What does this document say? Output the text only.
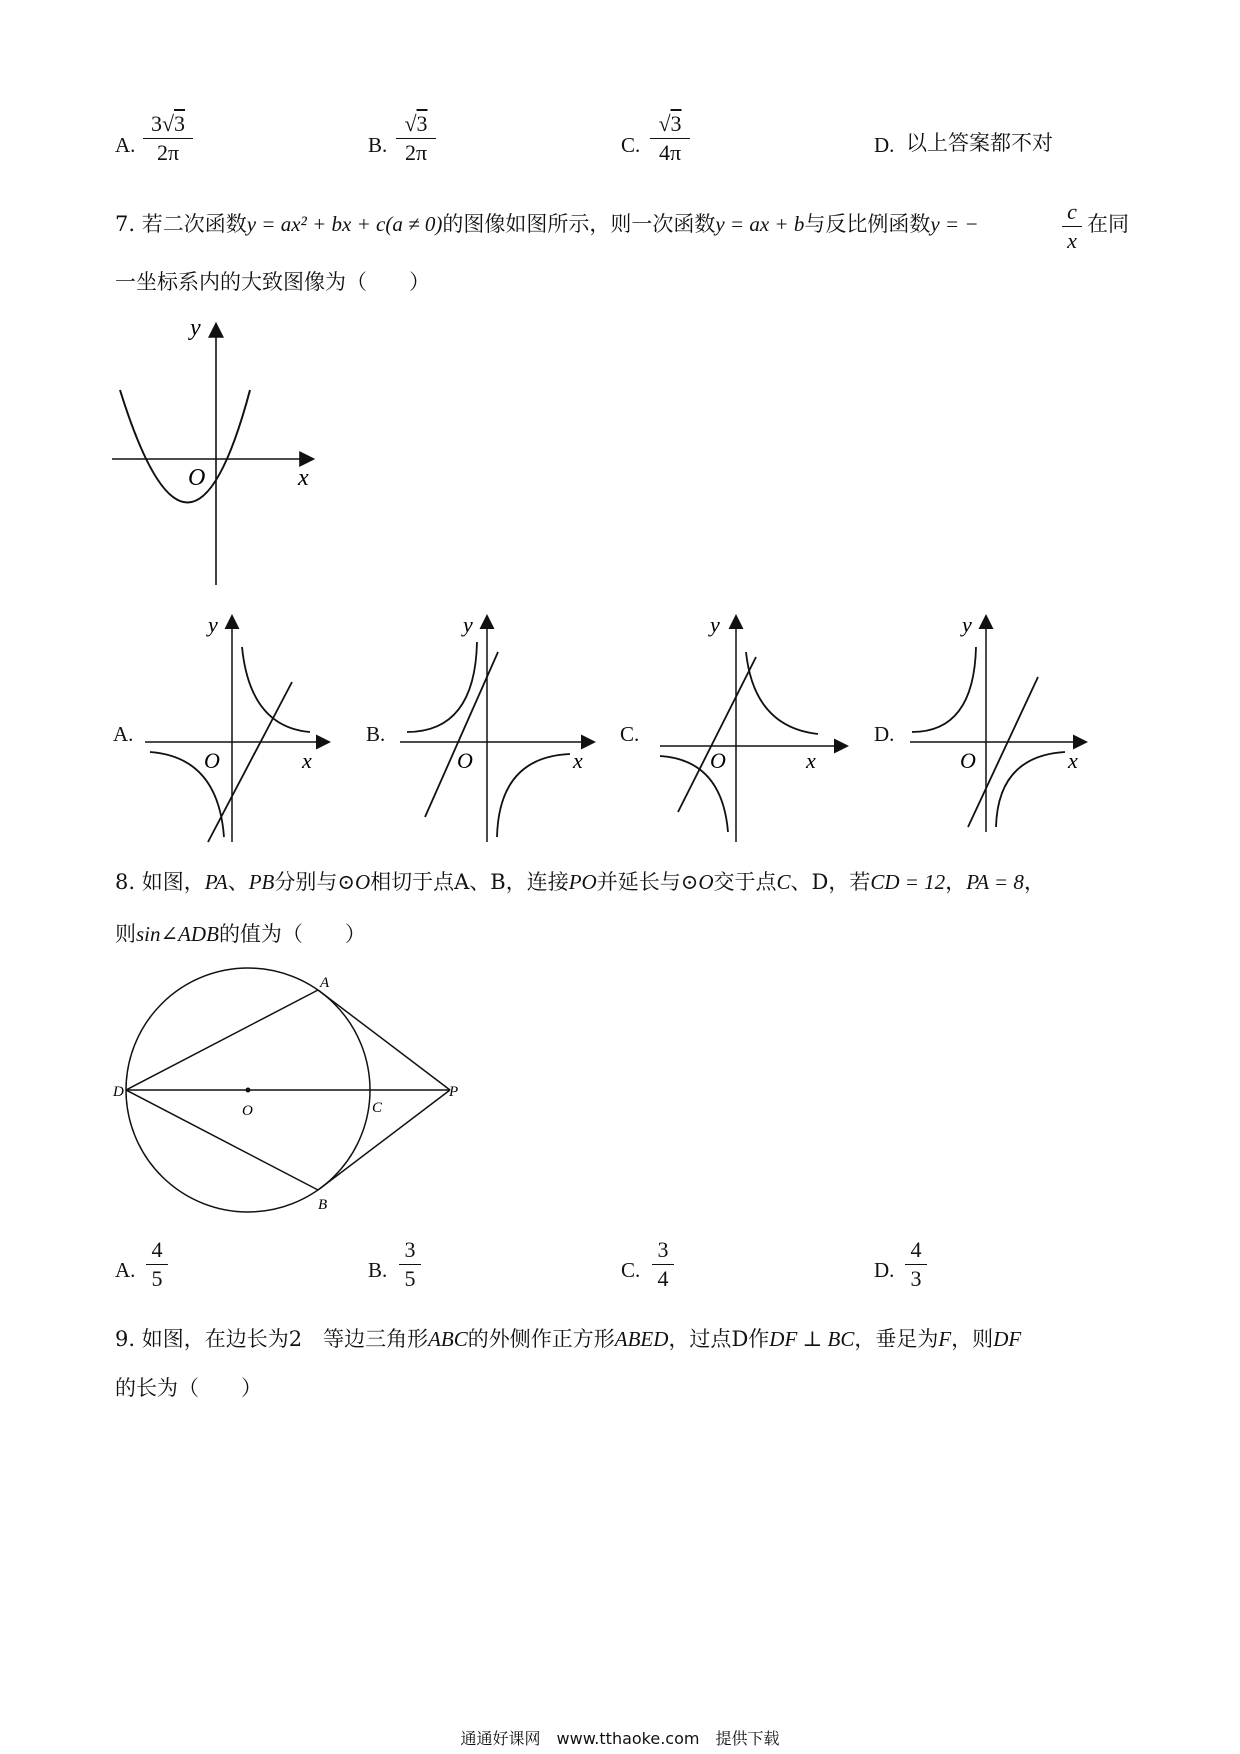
A.
3√3
2π	B.
√3
2π	C.
√3
4π	D. 以上答案都不对
7. 若二次函数y = ax² + bx + c(a ≠ 0)的图像如图所示，则一次函数y = ax + b与反比例函数y = −	c
x
在同
一坐标系内的大致图像为（　　）
y
x
O
A.
y
x
O
B.
y
x
O
C.
y
x
O
D.
y
x
O
8. 如图，PA、PB分别与⊙O相切于点A、B，连接PO并延长与⊙O交于点C、D，若CD = 12，PA = 8，
则sin∠ADB的值为（　　）
A
B
C
D
O
P
A.
4
5	B.
3
5	C.
3
4	D.
4
3
9. 如图，在边长为2　等边三角形ABC的外侧作正方形ABED，过点D作DF ⊥ BC，垂足为F，则DF
的长为（　　）
通通好课网　www.tthaoke.com　提供下载
